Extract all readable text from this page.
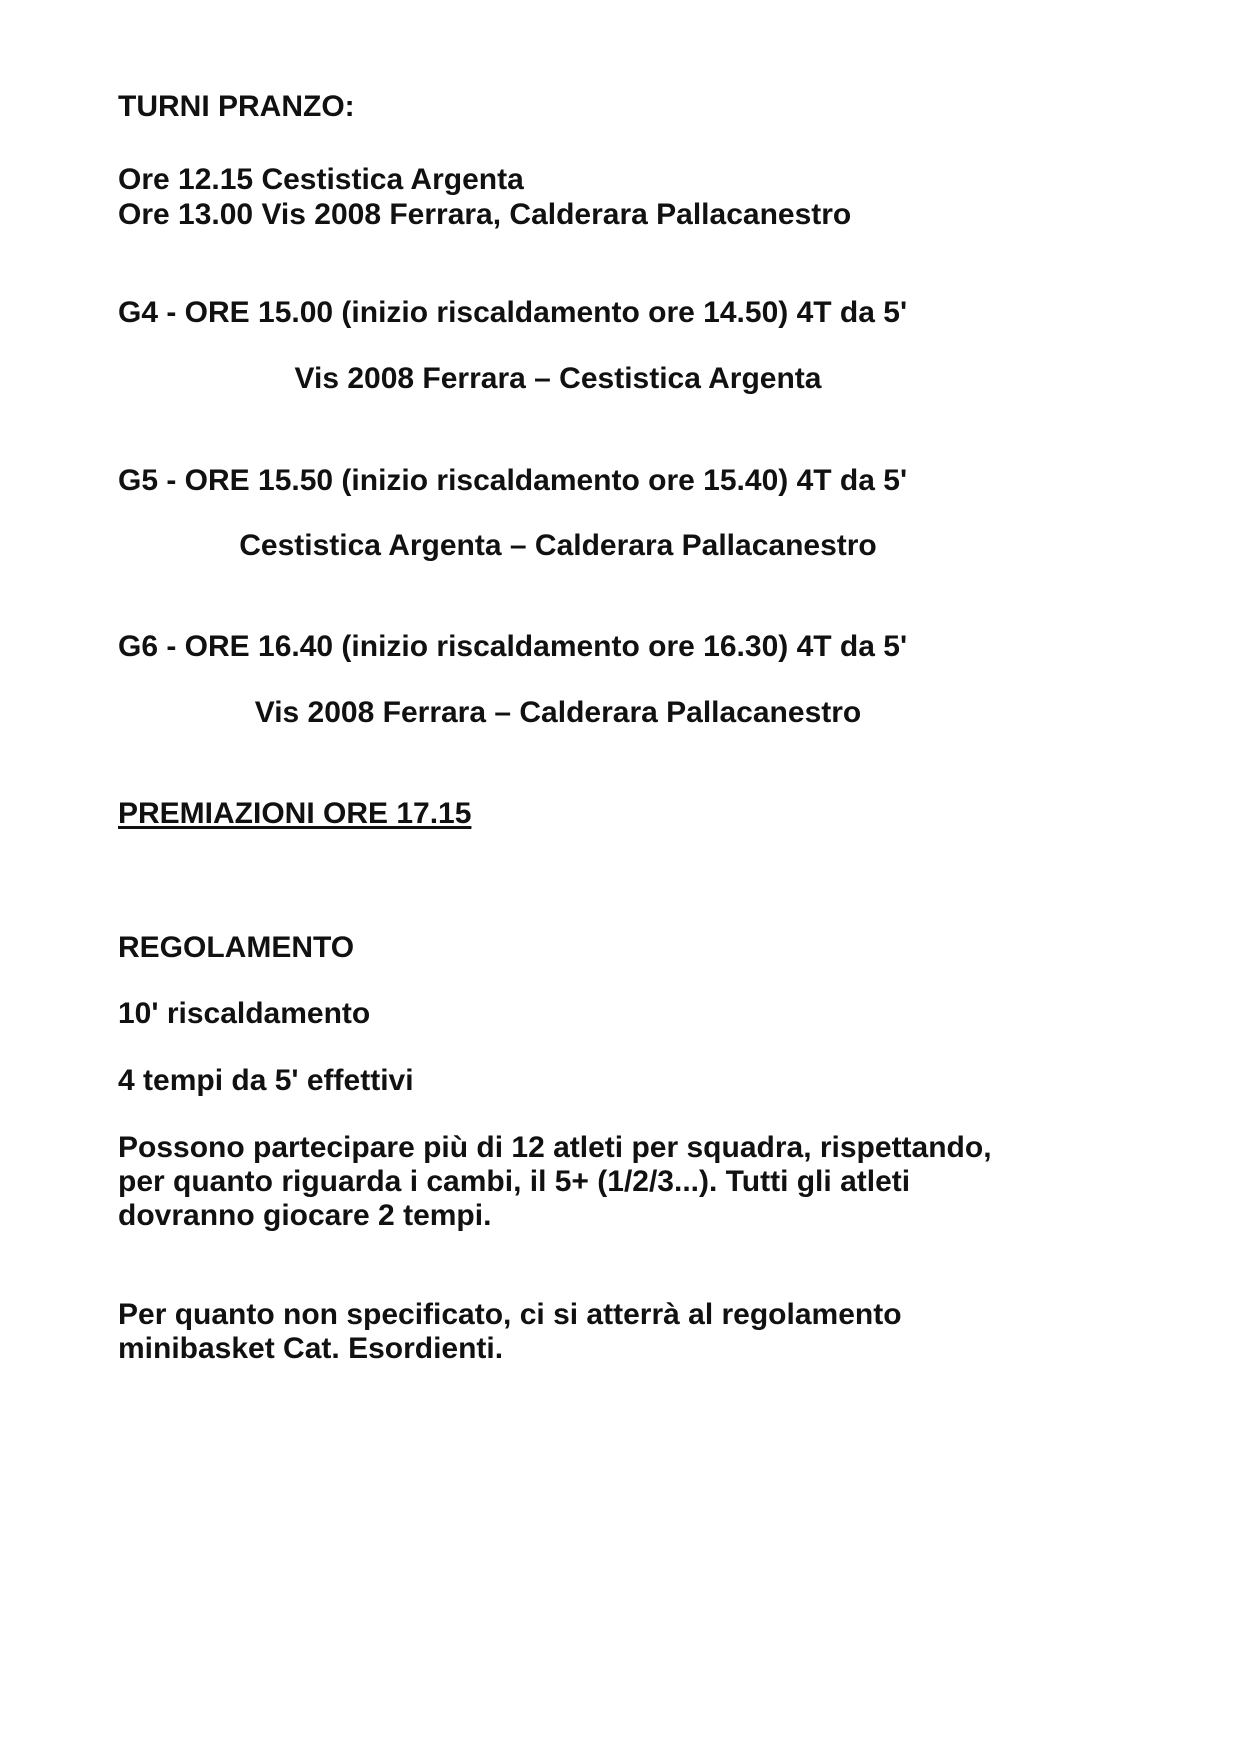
TURNI PRANZO:

Ore 12.15 Cestistica Argenta

Ore 13.00 Vis 2008 Ferrara, Calderara Pallacanestro

G4 - ORE 15.00 (inizio riscaldamento ore 14.50) 4T da 5'

Vis 2008 Ferrara – Cestistica Argenta

G5 - ORE 15.50 (inizio riscaldamento ore 15.40) 4T da 5'

Cestistica Argenta – Calderara Pallacanestro

G6 - ORE 16.40 (inizio riscaldamento ore 16.30) 4T da 5'

Vis 2008 Ferrara – Calderara Pallacanestro

PREMIAZIONI ORE 17.15

REGOLAMENTO

10' riscaldamento

4 tempi da 5' effettivi

Possono partecipare più di 12 atleti per squadra, rispettando,

per quanto riguarda i cambi, il 5+ (1/2/3...). Tutti gli atleti

dovranno giocare 2 tempi.

Per quanto non specificato, ci si atterrà al regolamento

minibasket Cat. Esordienti.
